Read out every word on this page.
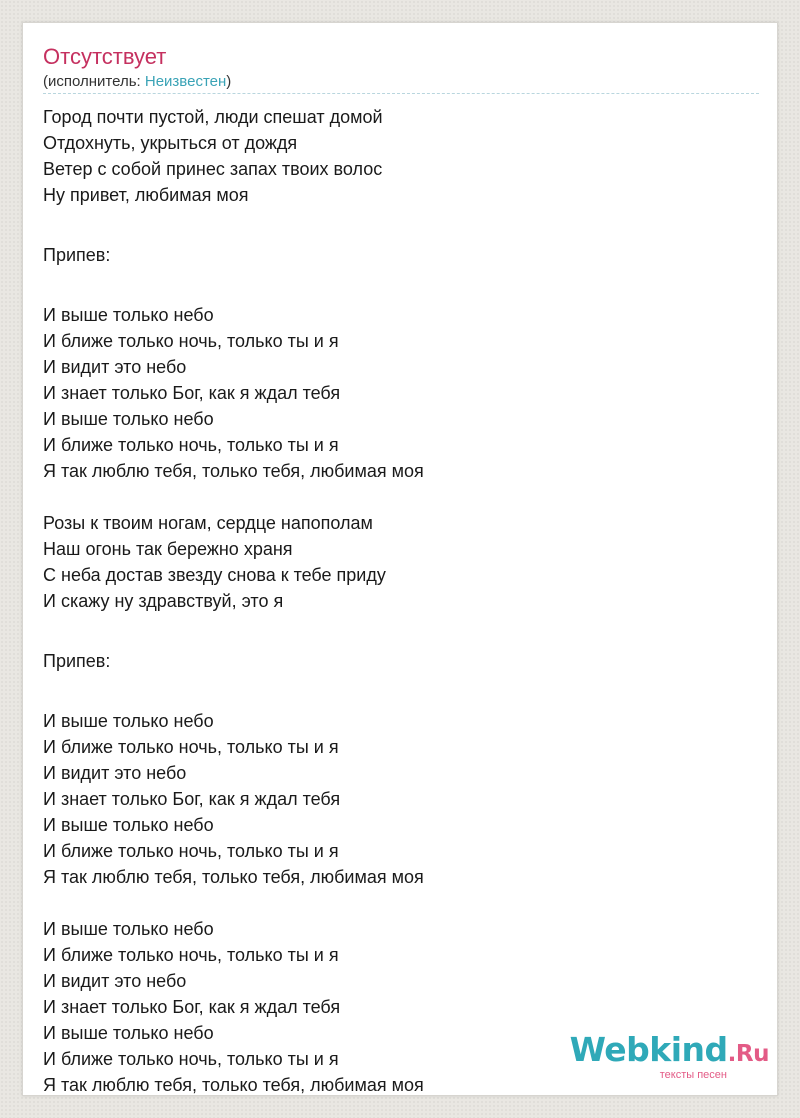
Отсутствует
(исполнитель: Неизвестен)
Город почти пустой, люди спешат домой
Отдохнуть, укрыться от дождя
Ветер с собой принес запах твоих волос
Ну привет, любимая моя
Припев:
И выше только небо
И ближе только ночь, только ты и я
И видит это небо
И знает только Бог, как я ждал тебя
И выше только небо
И ближе только ночь, только ты и я
Я так люблю тебя, только тебя, любимая моя
Розы к твоим ногам, сердце напополам
Наш огонь так бережно храня
С неба достав звезду снова к тебе приду
И скажу ну здравствуй, это я
Припев:
И выше только небо
И ближе только ночь, только ты и я
И видит это небо
И знает только Бог, как я ждал тебя
И выше только небо
И ближе только ночь, только ты и я
Я так люблю тебя, только тебя, любимая моя
И выше только небо
И ближе только ночь, только ты и я
И видит это небо
И знает только Бог, как я ждал тебя
И выше только небо
И ближе только ночь, только ты и я
Я так люблю тебя, только тебя, любимая моя
Webkind.Ru
тексты песен
